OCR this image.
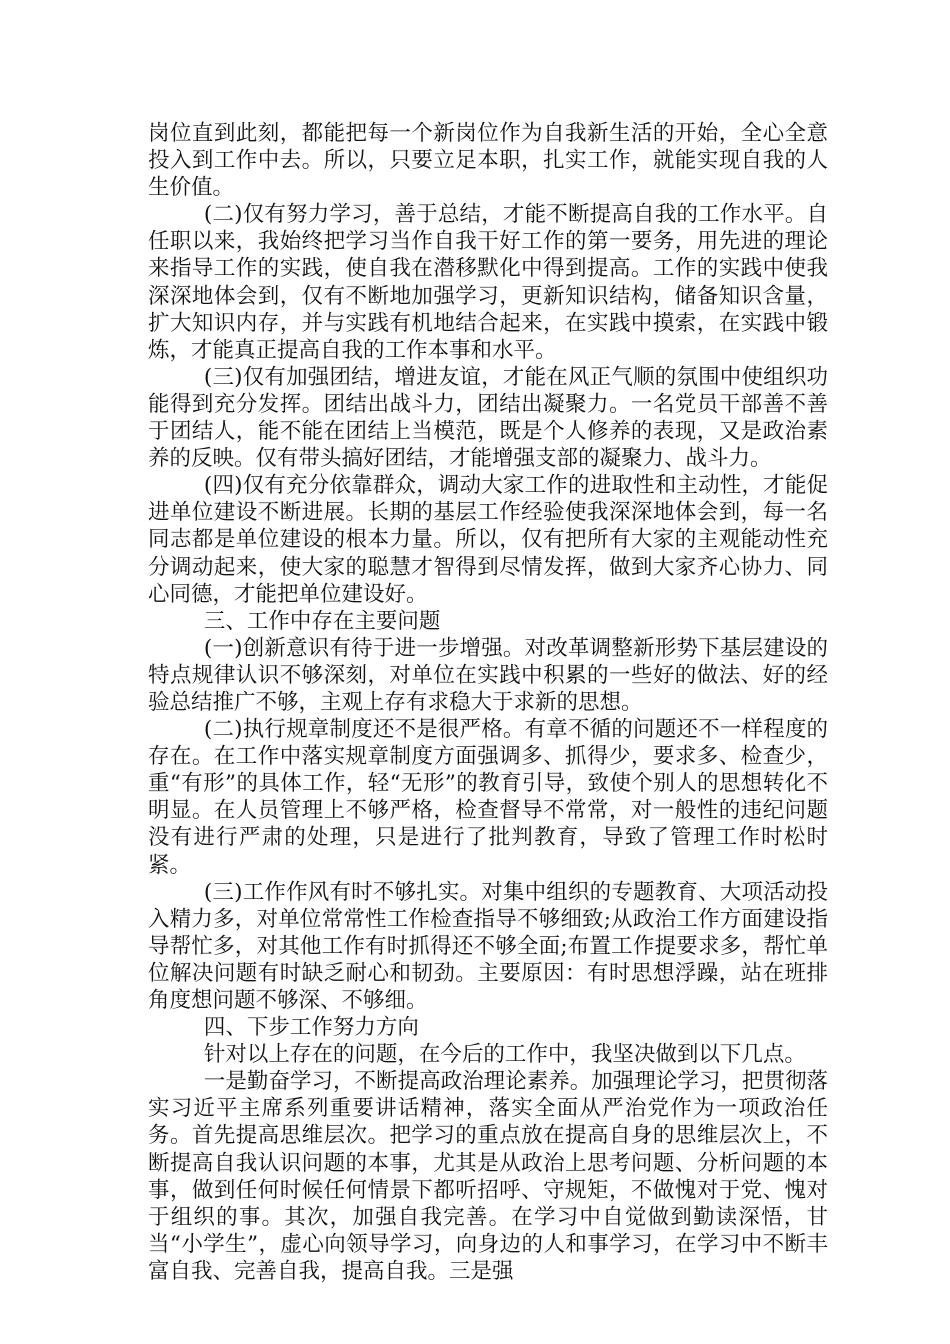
岗位直到此刻，都能把每一个新岗位作为自我新生活的开始，全心全意投入到工作中去。所以，只要立足本职，扎实工作，就能实现自我的人生价值。

(二)仅有努力学习，善于总结，才能不断提高自我的工作水平。自任职以来，我始终把学习当作自我干好工作的第一要务，用先进的理论来指导工作的实践，使自我在潜移默化中得到提高。工作的实践中使我深深地体会到，仅有不断地加强学习，更新知识结构，储备知识含量，扩大知识内存，并与实践有机地结合起来，在实践中摸索，在实践中锻炼，才能真正提高自我的工作本事和水平。

(三)仅有加强团结，增进友谊，才能在风正气顺的氛围中使组织功能得到充分发挥。团结出战斗力，团结出凝聚力。一名党员干部善不善于团结人，能不能在团结上当模范，既是个人修养的表现，又是政治素养的反映。仅有带头搞好团结，才能增强支部的凝聚力、战斗力。

(四)仅有充分依靠群众，调动大家工作的进取性和主动性，才能促进单位建设不断进展。长期的基层工作经验使我深深地体会到，每一名同志都是单位建设的根本力量。所以，仅有把所有大家的主观能动性充分调动起来，使大家的聪慧才智得到尽情发挥，做到大家齐心协力、同心同德，才能把单位建设好。

三、工作中存在主要问题

(一)创新意识有待于进一步增强。对改革调整新形势下基层建设的特点规律认识不够深刻，对单位在实践中积累的一些好的做法、好的经验总结推广不够，主观上存有求稳大于求新的思想。

(二)执行规章制度还不是很严格。有章不循的问题还不一样程度的存在。在工作中落实规章制度方面强调多、抓得少，要求多、检查少，重“有形”的具体工作，轻“无形”的教育引导，致使个别人的思想转化不明显。在人员管理上不够严格，检查督导不常常，对一般性的违纪问题没有进行严肃的处理，只是进行了批判教育，导致了管理工作时松时紧。

(三)工作作风有时不够扎实。对集中组织的专题教育、大项活动投入精力多，对单位常常性工作检查指导不够细致;从政治工作方面建设指导帮忙多，对其他工作有时抓得还不够全面;布置工作提要求多，帮忙单位解决问题有时缺乏耐心和韧劲。主要原因：有时思想浮躁，站在班排角度想问题不够深、不够细。

四、下步工作努力方向

针对以上存在的问题，在今后的工作中，我坚决做到以下几点。

一是勤奋学习，不断提高政治理论素养。加强理论学习，把贯彻落实习近平主席系列重要讲话精神，落实全面从严治党作为一项政治任务。首先提高思维层次。把学习的重点放在提高自身的思维层次上，不断提高自我认识问题的本事，尤其是从政治上思考问题、分析问题的本事，做到任何时候任何情景下都听招呼、守规矩，不做愧对于党、愧对于组织的事。其次，加强自我完善。在学习中自觉做到勤读深悟，甘当“小学生”，虚心向领导学习，向身边的人和事学习，在学习中不断丰富自我、完善自我，提高自我。三是强
